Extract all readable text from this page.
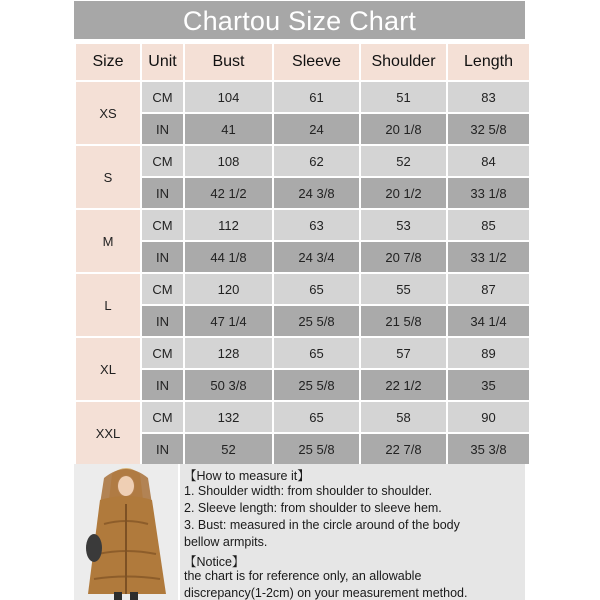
Chartou Size Chart
Size	Unit	Bust	Sleeve	Shoulder	Length
XS	CM	104	61	51	83
	IN	41	24	20 1/8	32 5/8
S	CM	108	62	52	84
	IN	42 1/2	24 3/8	20 1/2	33 1/8
M	CM	112	63	53	85
	IN	44 1/8	24 3/4	20 7/8	33 1/2
L	CM	120	65	55	87
	IN	47 1/4	25 5/8	21 5/8	34 1/4
XL	CM	128	65	57	89
	IN	50 3/8	25 5/8	22 1/2	35
XXL	CM	132	65	58	90
	IN	52	25 5/8	22 7/8	35 3/8
【How to measure it】
1. Shoulder width: from shoulder to shoulder.
2. Sleeve length: from shoulder to sleeve hem.
3. Bust: measured in the circle around of the body
bellow armpits.
【Notice】
the chart is for reference only, an allowable
discrepancy(1-2cm) on your measurement method.
